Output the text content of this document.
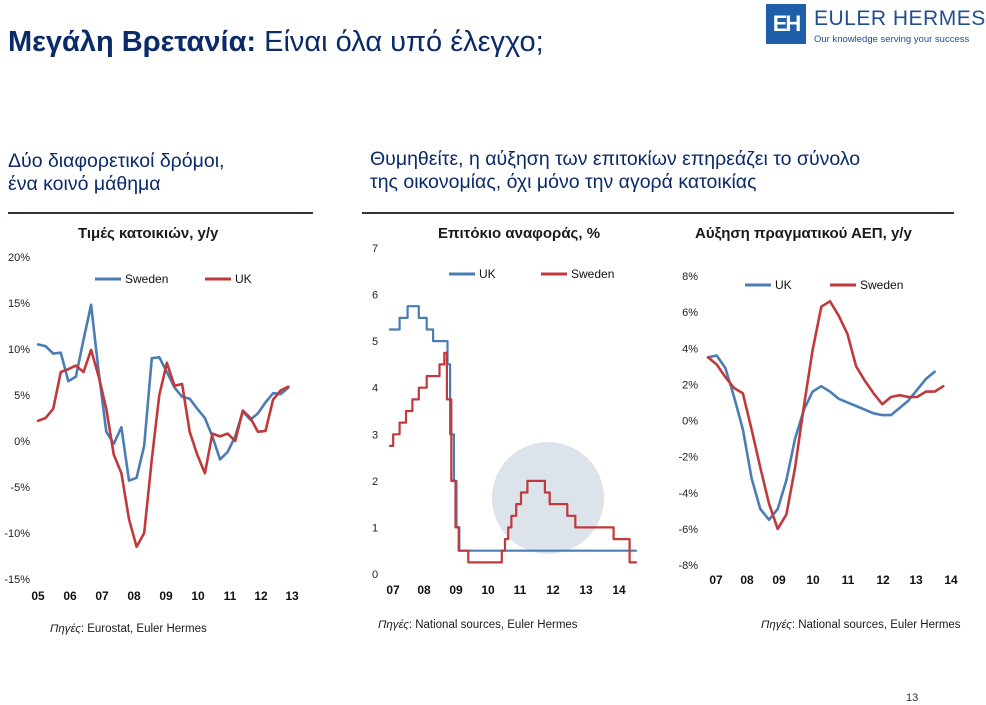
Μεγάλη Βρετανία: Είναι όλα υπό έλεγχο;
EH EULER HERMES
Our knowledge serving your success
Δύο διαφορετικοί δρόμοι,
ένα κοινό μάθημα
Θυμηθείτε, η αύξηση των επιτοκίων επηρεάζει το σύνολο
της οικονομίας, όχι μόνο την αγορά κατοικίας
Τιμές κατοικιών, y/y	Επιτόκιο αναφοράς, %	Αύξηση πραγματικού ΑΕΠ, y/y
20%
15%
10%
5%
0%
-5%
-10%
-15%
05 06 07 08 09 10 11 12 13
Sweden	UK
7
6
5
4
3
2
1
0
07 08 09 10 11 12 13 14
UK	Sweden	8%
6%
4%
2%
0%
-2%
-4%
-6%
-8%
07 08 09 10 11 12 13 14
UK	Sweden
Πηγές: Eurostat, Euler Hermes	Πηγές: National sources, Euler Hermes	Πηγές: National sources, Euler Hermes
13
